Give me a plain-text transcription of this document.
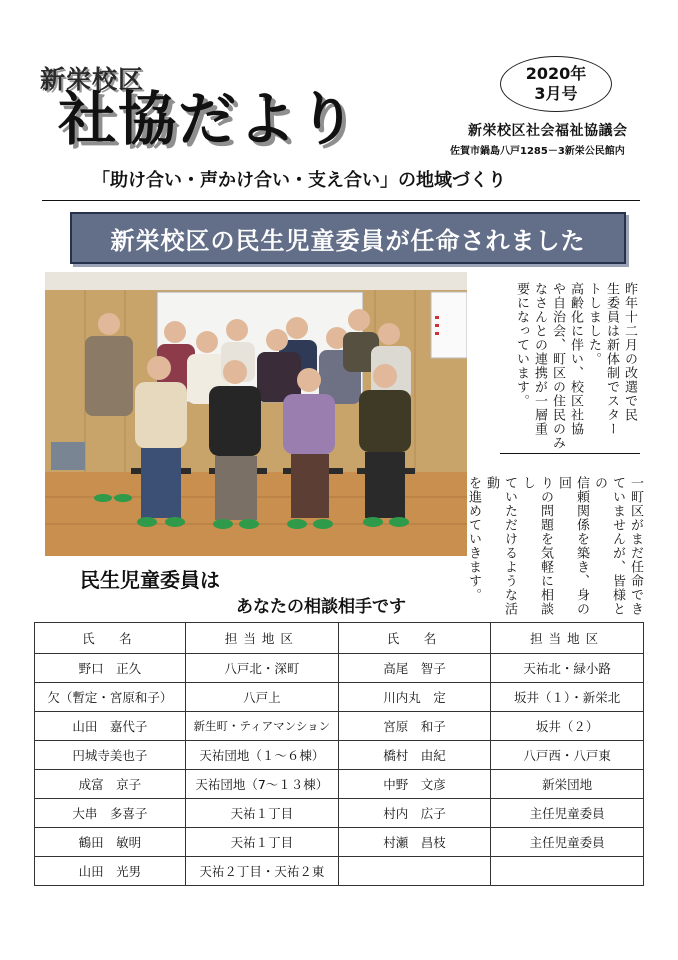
新栄校区
社協だより
2020年
3月号
新栄校区社会福祉協議会
佐賀市鍋島八戸1285－3新栄公民館内
「助け合い・声かけ合い・支え合い」の地域づくり
新栄校区の民生児童委員が任命されました
昨年十二月の改選で民
生委員は新体制でスター
トしました。
高齢化に伴い、校区社協
や自治会、町区の住民のみ
なさんとの連携が一層重
要になっています。
一町区がまだ任命でき
ていませんが、皆様との
信頼関係を築き、身の回
りの問題を気軽に相談し
ていただけるような活動
を進めていきます。
民生児童委員は
あなたの相談相手です
氏　名	担当地区	氏　名	担当地区
野口　正久	八戸北・深町	高尾　智子	天祐北・緑小路
欠（暫定・宮原和子）	八戸上	川内丸　定	坂井（１）・新栄北
山田　嘉代子	新生町・ティアマンション	宮原　和子	坂井（２）
円城寺美也子	天祐団地（１～６棟）	橋村　由紀	八戸西・八戸東
成富　京子	天祐団地（7～１３棟）	中野　文彦	新栄団地
大串　多喜子	天祐１丁目	村内　広子	主任児童委員
鶴田　敏明	天祐１丁目	村瀬　昌枝	主任児童委員
山田　光男	天祐２丁目・天祐２東		
